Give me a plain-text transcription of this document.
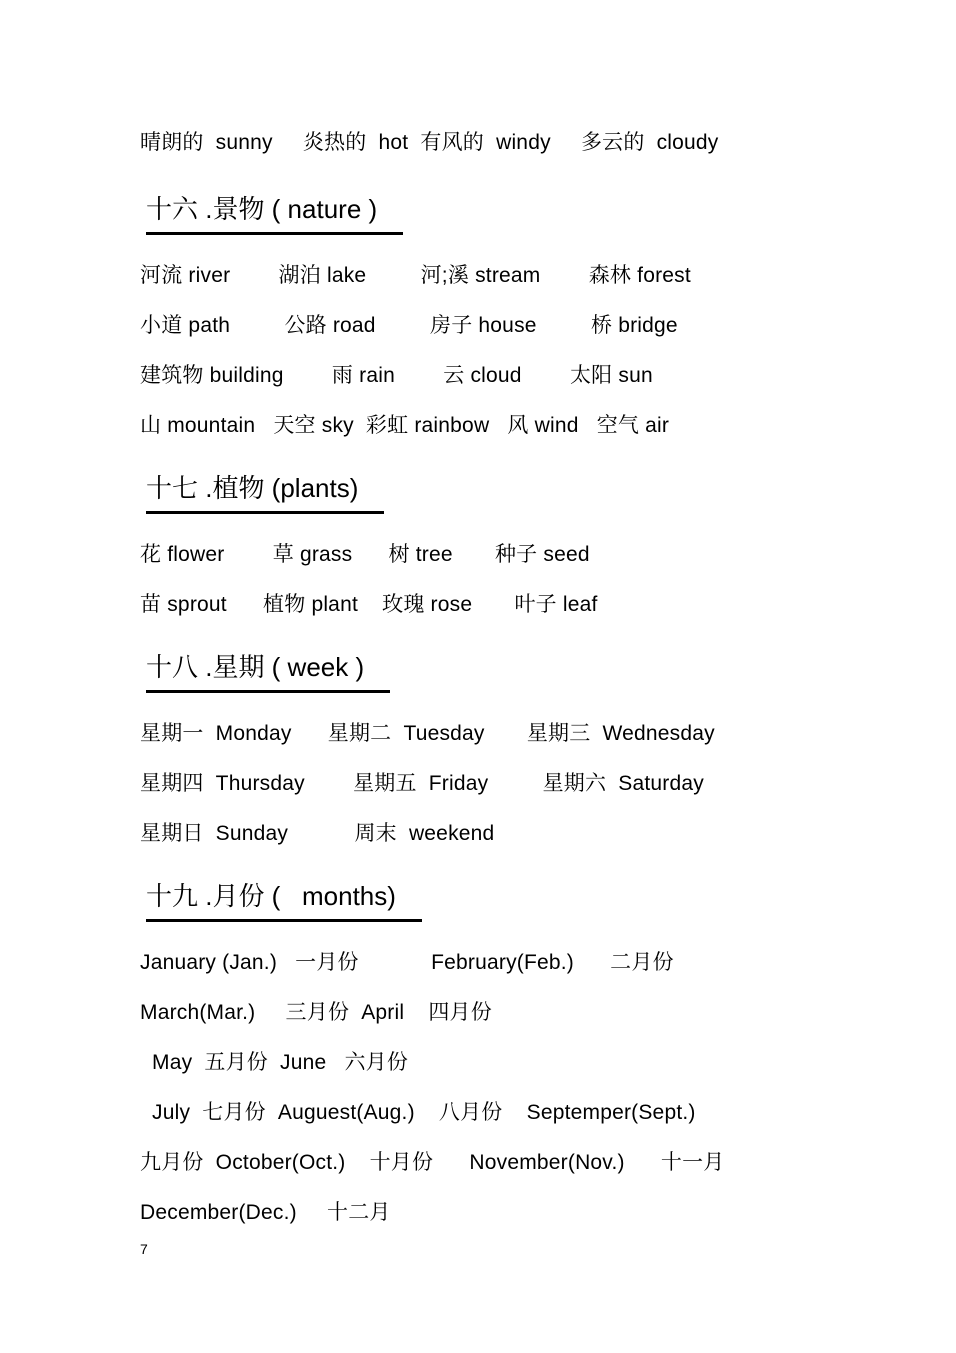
晴朗的  sunny     炎热的  hot  有风的  windy     多云的  cloudy
十六 .景物 ( nature )
河流 river        湖泊 lake         河;溪 stream        森林 forest
小道 path         公路 road         房子 house         桥 bridge
建筑物 building        雨 rain        云 cloud        太阳 sun
山 mountain   天空 sky  彩虹 rainbow   风 wind   空气 air
十七 .植物 (plants)
花 flower        草 grass      树 tree       种子 seed
苗 sprout      植物 plant    玫瑰 rose       叶子 leaf
十八 .星期 ( week )
星期一  Monday      星期二  Tuesday       星期三  Wednesday
星期四  Thursday        星期五  Friday         星期六  Saturday
星期日  Sunday           周末  weekend
十九 .月份 (   months)
January (Jan.)   一月份            February(Feb.)      二月份
March(Mar.)     三月份  April    四月份
May  五月份  June   六月份
July  七月份  Auguest(Aug.)    八月份    Septemper(Sept.)
九月份  October(Oct.)    十月份      November(Nov.)      十一月
December(Dec.)     十二月
7
